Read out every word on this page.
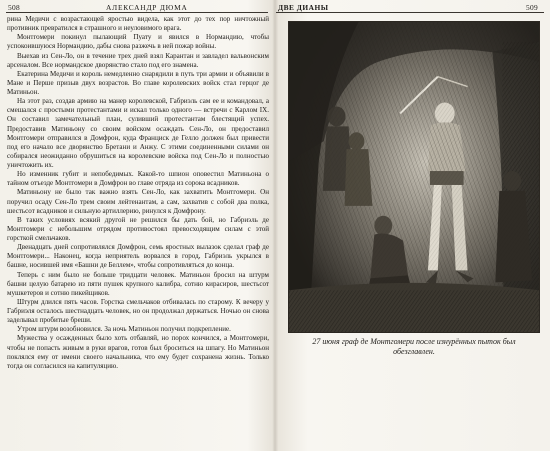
508	АЛЕКСАНДР ДЮМА

рина Медичи с возрастающей яростью видела, как этот до тех пор ничтожный противник превратился в страшного и неуловимого врага.

Монтгомери покинул пылающий Пуату и явился в Нормандию, чтобы успокоившуюся Нормандию, дабы снова разжечь в ней пожар войны.

Выехав из Сен-Ло, он в течение трех дней взял Карантан и завладел вальвонским арсеналом. Все нормандское дворянство стало под его знамена.

Екатерина Медичи и король немедленно снарядили в путь три армии и объявили в Мане и Перше призыв двух возрастов. Во главе королевских войск стал герцог де Матиньон.

На этот раз, создав армию на манер королевской, Габриэль сам ее и командовал, а смешался с простыми протестантами и искал только одного — встречи с Карлом IX. Он составил замечательный план, суливший протестантам блестящий успех. Предоставив Матиньону со своим войском осаждать Сен-Ло, он предоставил Монтгомери отправился в Домфрон, куда Франциск де Гелло должен был привести под его начало все дворянство Бретани и Анжу. С этими соединенными силами он собирался неожиданно обрушиться на королевские войска под Сен-Ло и полностью уничтожить их.

Но изменник губит и непобедимых. Какой-то шпион оповестил Матиньона о тайном отъезде Монтгомери в Домфрон во главе отряда из сорока всадников.

Матиньону не было так важно взять Сен-Ло, как захватить Монтгомери. Он поручил осаду Сен-Ло трем своим лейтенантам, а сам, захватив с собой два полка, шестьсот всадников и сильную артиллерию, ринулся к Домфрону.

В таких условиях всякий другой не решился бы дать бой, но Габриэль де Монтгомери с небольшим отрядом противостоял превосходящим силам с этой горсткой смельчаков.

Двенадцать дней сопротивлялся Домфрон, семь яростных вылазок сделал граф де Монтгомери... Наконец, когда неприятель ворвался в город, Габриэль укрылся в башне, носившей имя «Башни де Беллем», чтобы сопротивляться до конца.

Теперь с ним было не больше тридцати человек. Матиньон бросил на штурм башни целую батарею из пяти пушек крупного калибра, сотню кирасиров, шестьсот мушкетеров и сотню пикейщиков.

Штурм длился пять часов. Горстка смельчаков отбивалась по старому. К вечеру у Габриэля осталось шестнадцать человек, но он продолжал держаться. Ночью он снова заделывал пробитые бреши.

Утром штурм возобновился. За ночь Матиньон получил подкрепление.

Мужества у осажденных было хоть отбавляй, но порох кончился, а Монтгомери, чтобы не попасть живым в руки врагов, готов был броситься на шпагу. Но Матиньон поклялся ему от имени своего начальника, что ему будет сохранена жизнь. Только тогда он согласился на капитуляцию.

ДВЕ ДИАНЫ	509
27 июня граф де Монтгомери после изнурённых пыток был обезглавлен.
